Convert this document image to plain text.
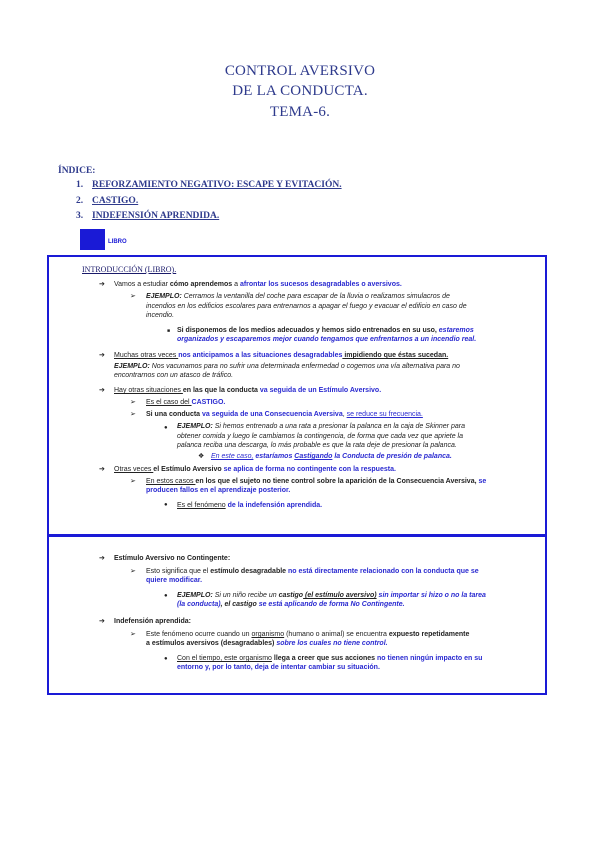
CONTROL AVERSIVO
DE LA CONDUCTA.
TEMA-6.
ÍNDICE:
1. REFORZAMIENTO NEGATIVO: ESCAPE Y EVITACIÓN.
2. CASTIGO.
3. INDEFENSIÓN APRENDIDA.
LIBRO
INTRODUCCIÓN (LIBRO).
➔ Vamos a estudiar cómo aprendemos a afrontar los sucesos desagradables o aversivos.
➢ EJEMPLO: Cerramos la ventanilla del coche para escapar de la lluvia o realizamos simulacros de
incendios en los edificios escolares para entrenarnos a apagar el fuego y evacuar el edificio en caso de
incendio.
■ Si disponemos de los medios adecuados y hemos sido entrenados en su uso, estaremos
organizados y escaparemos mejor cuando tengamos que enfrentarnos a un incendio real.
➔ Muchas otras veces nos anticipamos a las situaciones desagradables impidiendo que éstas sucedan.
EJEMPLO: Nos vacunamos para no sufrir una determinada enfermedad o cogemos una vía alternativa para no
encontrarnos con un atasco de tráfico.
➔ Hay otras situaciones en las que la conducta va seguida de un Estímulo Aversivo.
➢ Es el caso del CASTIGO.
➢ Si una conducta va seguida de una Consecuencia Aversiva, se reduce su frecuencia.
● EJEMPLO: Si hemos entrenado a una rata a presionar la palanca en la caja de Skinner para
obtener comida y luego le cambiamos la contingencia, de forma que cada vez que apriete la
palanca reciba una descarga, lo más probable es que la rata deje de presionar la palanca.
❖ En este caso, estaríamos Castigando la Conducta de presión de palanca.
➔ Otras veces el Estímulo Aversivo se aplica de forma no contingente con la respuesta.
➢ En estos casos en los que el sujeto no tiene control sobre la aparición de la Consecuencia Aversiva, se
producen fallos en el aprendizaje posterior.
● Es el fenómeno de la indefensión aprendida.
➔ Estímulo Aversivo no Contingente:
➢ Esto significa que el estímulo desagradable no está directamente relacionado con la conducta que se
quiere modificar.
● EJEMPLO: Si un niño recibe un castigo (el estímulo aversivo) sin importar si hizo o no la tarea
(la conducta), el castigo se está aplicando de forma No Contingente.
➔ Indefensión aprendida:
➢ Este fenómeno ocurre cuando un organismo (humano o animal) se encuentra expuesto repetidamente
a estímulos aversivos (desagradables) sobre los cuales no tiene control.
● Con el tiempo, este organismo llega a creer que sus acciones no tienen ningún impacto en su
entorno y, por lo tanto, deja de intentar cambiar su situación.
